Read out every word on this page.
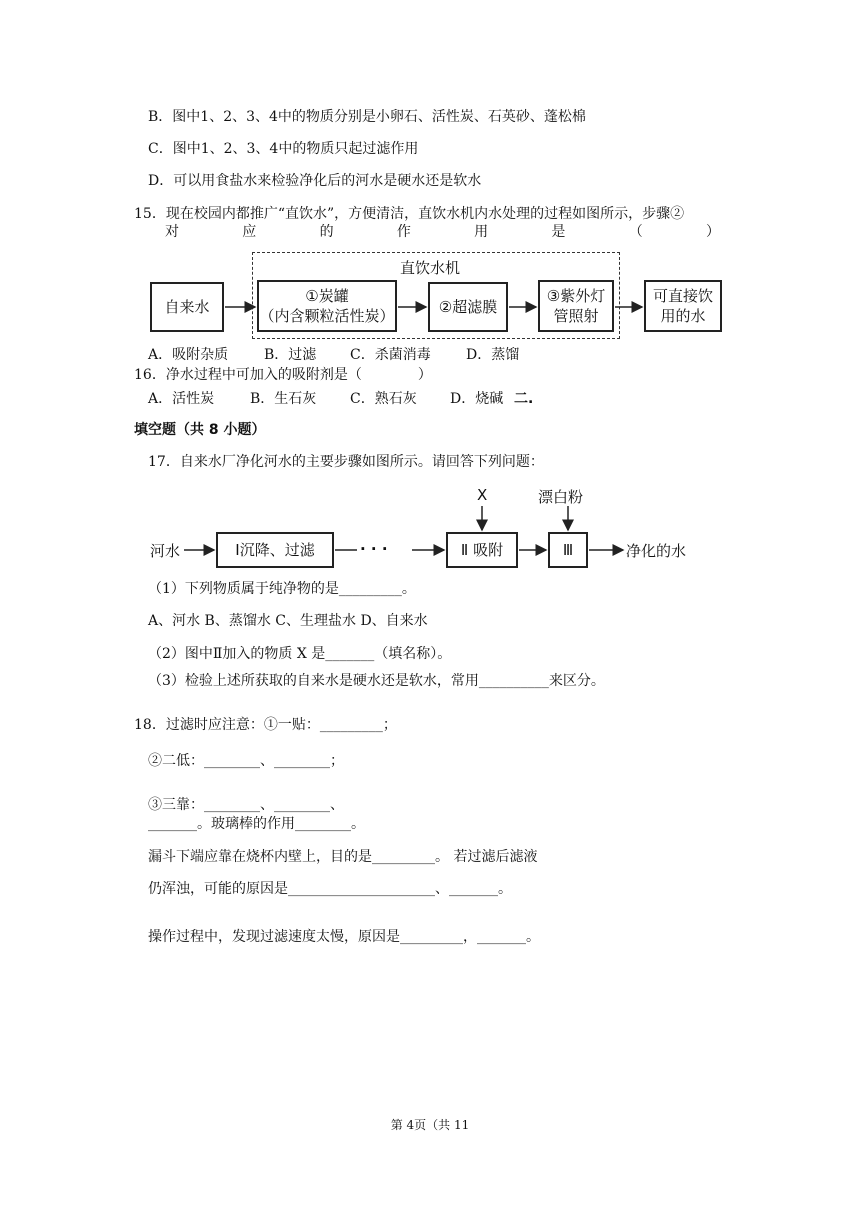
B．图中1、2、3、4中的物质分别是小卵石、活性炭、石英砂、蓬松棉
C．图中1、2、3、4中的物质只起过滤作用
D．可以用食盐水来检验净化后的河水是硬水还是软水
15．现在校园内都推广“直饮水”，方便清洁，直饮水机内水处理的过程如图所示，步骤②
对	应	的	作	用	是	（	）
直饮水机
自来水
①炭罐
（内含颗粒活性炭）	②超滤膜
③紫外灯
管照射
可直接饮
用的水
A．吸附杂质	B．过滤 C．杀菌消毒	D．蒸馏
16．净水过程中可加入的吸附剂是（　　　　）
A．活性炭	B．生石灰 C．熟石灰 D．烧碱 二.
填空题（共 8 小题）
17．自来水厂净化河水的主要步骤如图所示。请回答下列问题：
X	漂白粉
河水	Ⅰ沉降、过滤	· · ·	Ⅱ 吸附	Ⅲ	净化的水
（1）下列物质属于纯净物的是_________。
A、河水 B、蒸馏水 C、生理盐水 D、自来水
（2）图中Ⅱ加入的物质 X 是_______（填名称）。
（3）检验上述所获取的自来水是硬水还是软水，常用__________来区分。
18．过滤时应注意：①一贴：_________；
②二低：________、________；
③三靠：________、________、
_______。玻璃棒的作用________。
漏斗下端应靠在烧杯内壁上，目的是_________。 若过滤后滤液
仍浑浊，可能的原因是_____________________、_______。
操作过程中，发现过滤速度太慢，原因是_________，_______。
第 4页（共 11
